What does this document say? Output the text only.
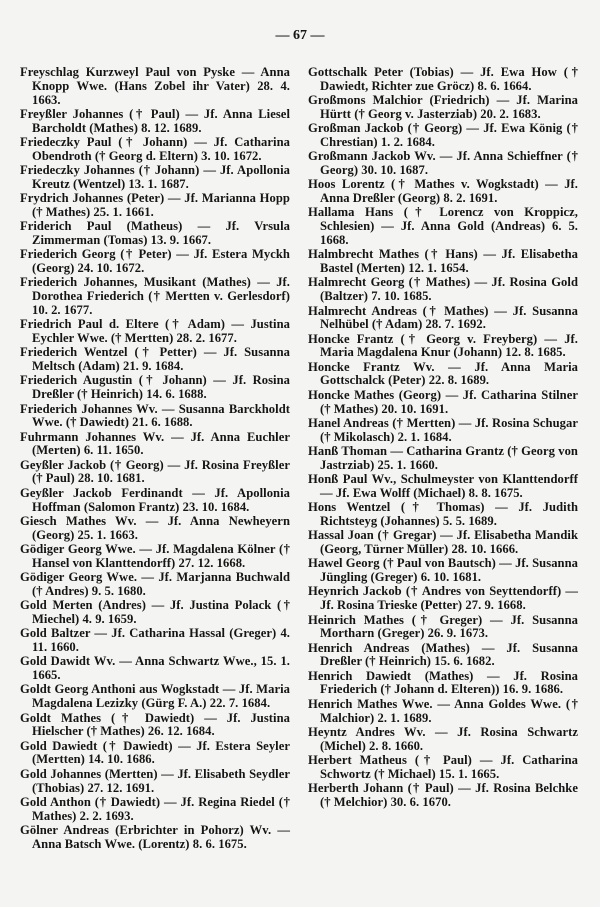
— 67 —

Freyschlag Kurzweyl Paul von Pyske — Anna Knopp Wwe. (Hans Zobel ihr Vater) 28. 4. 1663.

Freyßler Johannes († Paul) — Jf. Anna Liesel Barcholdt (Mathes) 8. 12. 1689.

Friedeczky Paul († Johann) — Jf. Catharina Obendroth († Georg d. Eltern) 3. 10. 1672.

Friedeczky Johannes († Johann) — Jf. Apollonia Kreutz (Wentzel) 13. 1. 1687.

Frydrich Johannes (Peter) — Jf. Marianna Hopp († Mathes) 25. 1. 1661.

Friderich Paul (Matheus) — Jf. Vrsula Zimmerman (Tomas) 13. 9. 1667.

Friederich Georg († Peter) — Jf. Estera Myckh (Georg) 24. 10. 1672.

Friederich Johannes, Musikant (Mathes) — Jf. Dorothea Friederich († Mertten v. Gerlesdorf) 10. 2. 1677.

Friedrich Paul d. Eltere († Adam) — Justina Eychler Wwe. († Mertten) 28. 2. 1677.

Friederich Wentzel († Petter) — Jf. Susanna Meltsch (Adam) 21. 9. 1684.

Friederich Augustin († Johann) — Jf. Rosina Dreßler († Heinrich) 14. 6. 1688.

Friederich Johannes Wv. — Susanna Barckholdt Wwe. († Dawiedt) 21. 6. 1688.

Fuhrmann Johannes Wv. — Jf. Anna Euchler (Merten) 6. 11. 1650.

Geyßler Jackob († Georg) — Jf. Rosina Freyßler († Paul) 28. 10. 1681.

Geyßler Jackob Ferdinandt — Jf. Apollonia Hoffman (Salomon Frantz) 23. 10. 1684.

Giesch Mathes Wv. — Jf. Anna Newheyern (Georg) 25. 1. 1663.

Gödiger Georg Wwe. — Jf. Magdalena Kölner († Hansel von Klanttendorff) 27. 12. 1668.

Gödiger Georg Wwe. — Jf. Marjanna Buchwald († Andres) 9. 5. 1680.

Gold Merten (Andres) — Jf. Justina Polack († Miechel) 4. 9. 1659.

Gold Baltzer — Jf. Catharina Hassal (Greger) 4. 11. 1660.

Gold Dawidt Wv. — Anna Schwartz Wwe., 15. 1. 1665.

Goldt Georg Anthoni aus Wogkstadt — Jf. Maria Magdalena Lezizky (Gürg F. A.) 22. 7. 1684.

Goldt Mathes († Dawiedt) — Jf. Justina Hielscher († Mathes) 26. 12. 1684.

Gold Dawiedt († Dawiedt) — Jf. Estera Seyler (Mertten) 14. 10. 1686.

Gold Johannes (Mertten) — Jf. Elisabeth Seydler (Thobias) 27. 12. 1691.

Gold Anthon († Dawiedt) — Jf. Regina Riedel († Mathes) 2. 2. 1693.

Gölner Andreas (Erbrichter in Pohorz) Wv. — Anna Batsch Wwe. (Lorentz) 8. 6. 1675.

Gottschalk Peter (Tobias) — Jf. Ewa How († Dawiedt, Richter zue Gröcz) 8. 6. 1664.

Großmons Malchior (Friedrich) — Jf. Marina Hürtt († Georg v. Jasterziab) 20. 2. 1683.

Großman Jackob († Georg) — Jf. Ewa König († Chrestian) 1. 2. 1684.

Großmann Jackob Wv. — Jf. Anna Schieffner († Georg) 30. 10. 1687.

Hoos Lorentz († Mathes v. Wogkstadt) — Jf. Anna Dreßler (Georg) 8. 2. 1691.

Hallama Hans († Lorencz von Kroppicz, Schlesien) — Jf. Anna Gold (Andreas) 6. 5. 1668.

Halmbrecht Mathes († Hans) — Jf. Elisabetha Bastel (Merten) 12. 1. 1654.

Halmrecht Georg († Mathes) — Jf. Rosina Gold (Baltzer) 7. 10. 1685.

Halmrecht Andreas († Mathes) — Jf. Susanna Nelhübel († Adam) 28. 7. 1692.

Honcke Frantz († Georg v. Freyberg) — Jf. Maria Magdalena Knur (Johann) 12. 8. 1685.

Honcke Frantz Wv. — Jf. Anna Maria Gottschalck (Peter) 22. 8. 1689.

Honcke Mathes (Georg) — Jf. Catharina Stilner († Mathes) 20. 10. 1691.

Hanel Andreas († Mertten) — Jf. Rosina Schugar († Mikolasch) 2. 1. 1684.

Hanß Thoman — Catharina Grantz († Georg von Jastrziab) 25. 1. 1660.

Honß Paul Wv., Schulmeyster von Klanttendorff — Jf. Ewa Wolff (Michael) 8. 8. 1675.

Hons Wentzel († Thomas) — Jf. Judith Richtsteyg (Johannes) 5. 5. 1689.

Hassal Joan († Gregar) — Jf. Elisabetha Mandik (Georg, Türner Müller) 28. 10. 1666.

Hawel Georg († Paul von Bautsch) — Jf. Susanna Jüngling (Greger) 6. 10. 1681.

Heynrich Jackob († Andres von Seyttendorff) — Jf. Rosina Trieske (Petter) 27. 9. 1668.

Heinrich Mathes († Greger) — Jf. Susanna Mortharn (Greger) 26. 9. 1673.

Henrich Andreas (Mathes) — Jf. Susanna Dreßler († Heinrich) 15. 6. 1682.

Henrich Dawiedt (Mathes) — Jf. Rosina Friederich († Johann d. Elteren)) 16. 9. 1686.

Henrich Mathes Wwe. — Anna Goldes Wwe. († Malchior) 2. 1. 1689.

Heyntz Andres Wv. — Jf. Rosina Schwartz (Michel) 2. 8. 1660.

Herbert Matheus († Paul) — Jf. Catharina Schwortz († Michael) 15. 1. 1665.

Herberth Johann († Paul) — Jf. Rosina Belchke († Melchior) 30. 6. 1670.
